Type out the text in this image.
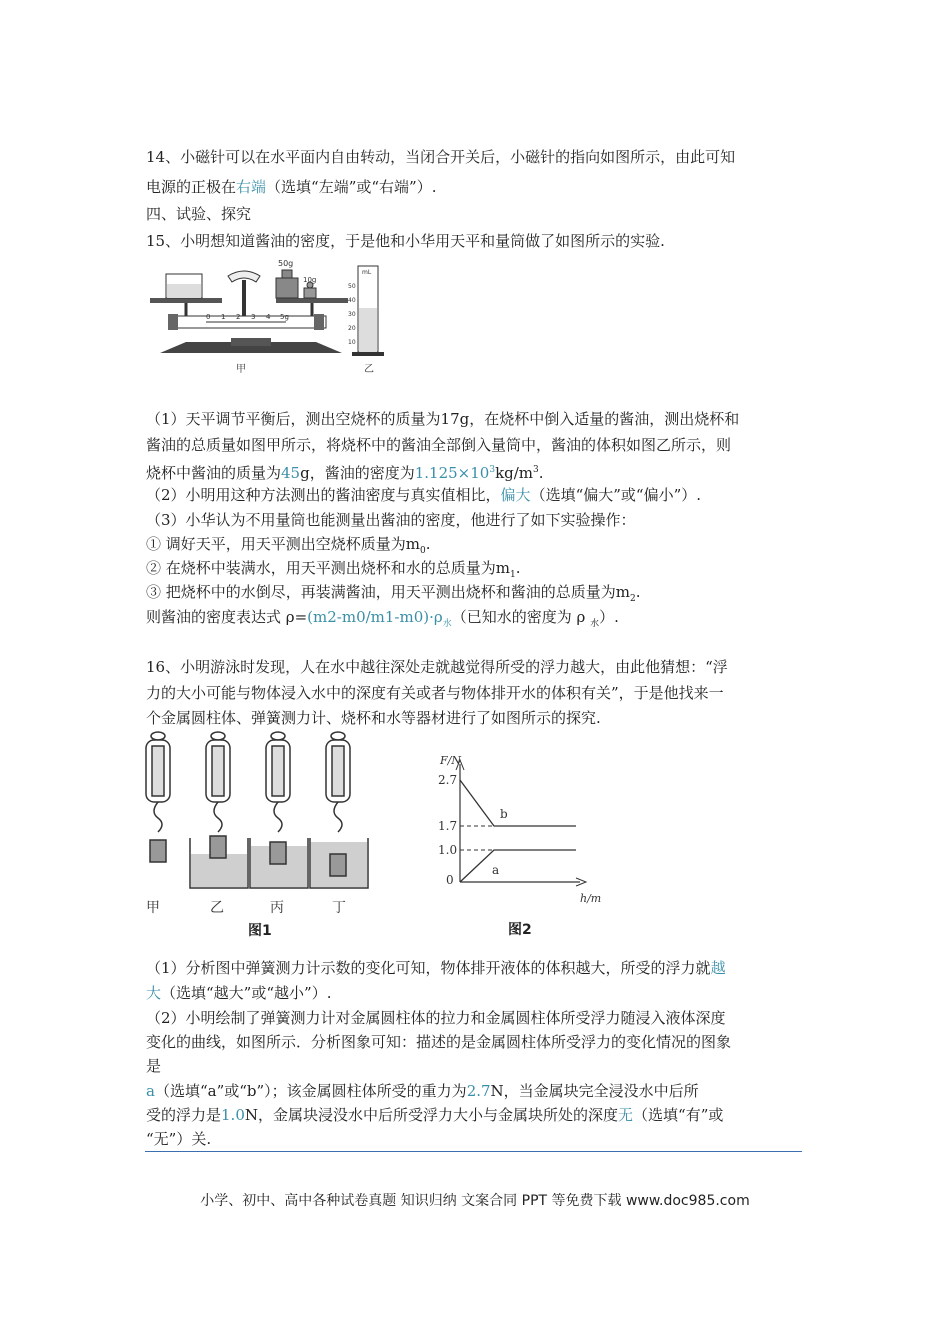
14、小磁针可以在水平面内自由转动，当闭合开关后，小磁针的指向如图所示，由此可知
电源的正极在右端（选填“左端”或“右端”）.
四、试验、探究
15、小明想知道酱油的密度，于是他和小华用天平和量筒做了如图所示的实验.
0 1 2 3 4 5g
50g
10g
甲
mL
50
40
30
20
10
乙
（1）天平调节平衡后，测出空烧杯的质量为17g，在烧杯中倒入适量的酱油，测出烧杯和
酱油的总质量如图甲所示，将烧杯中的酱油全部倒入量筒中，酱油的体积如图乙所示，则
烧杯中酱油的质量为45g，酱油的密度为$1.125\times 10^3kg/m^3$.
（2）小明用这种方法测出的酱油密度与真实值相比，偏大（选填“偏大”或“偏小”）.
（3）小华认为不用量筒也能测量出酱油的密度，他进行了如下实验操作：
① 调好天平，用天平测出空烧杯质量为$m_0$.
② 在烧杯中装满水，用天平测出烧杯和水的总质量为$m_1$.
③ 把烧杯中的水倒尽，再装满酱油，用天平测出烧杯和酱油的总质量为$m_2$.
则酱油的密度表达式 $\rho=(m2-m0/m1-m0)\cdot\rho_水$（已知水的密度为 ρ $_水$）.
16、小明游泳时发现，人在水中越往深处走就越觉得所受的浮力越大，由此他猜想：“浮
力的大小可能与物体浸入水中的深度有关或者与物体排开水的体积有关”，于是他找来一
个金属圆柱体、弹簧测力计、烧杯和水等器材进行了如图所示的探究.
甲	乙	丙	丁
图1
F/N
h/m
2.7
1.7
1.0
0
b
a
图2
（1）分析图中弹簧测力计示数的变化可知，物体排开液体的体积越大，所受的浮力就越
大（选填“越大”或“越小”）.
（2）小明绘制了弹簧测力计对金属圆柱体的拉力和金属圆柱体所受浮力随浸入液体深度
变化的曲线，如图所示．分析图象可知：描述的是金属圆柱体所受浮力的变化情况的图象
是
a（选填“a”或“b”）；该金属圆柱体所受的重力为2.7N，当金属块完全浸没水中后所
受的浮力是1.0N，金属块浸没水中后所受浮力大小与金属块所处的深度无（选填“有”或
“无”）关.
小学、初中、高中各种试卷真题 知识归纳 文案合同 PPT 等免费下载 www.doc985.com
